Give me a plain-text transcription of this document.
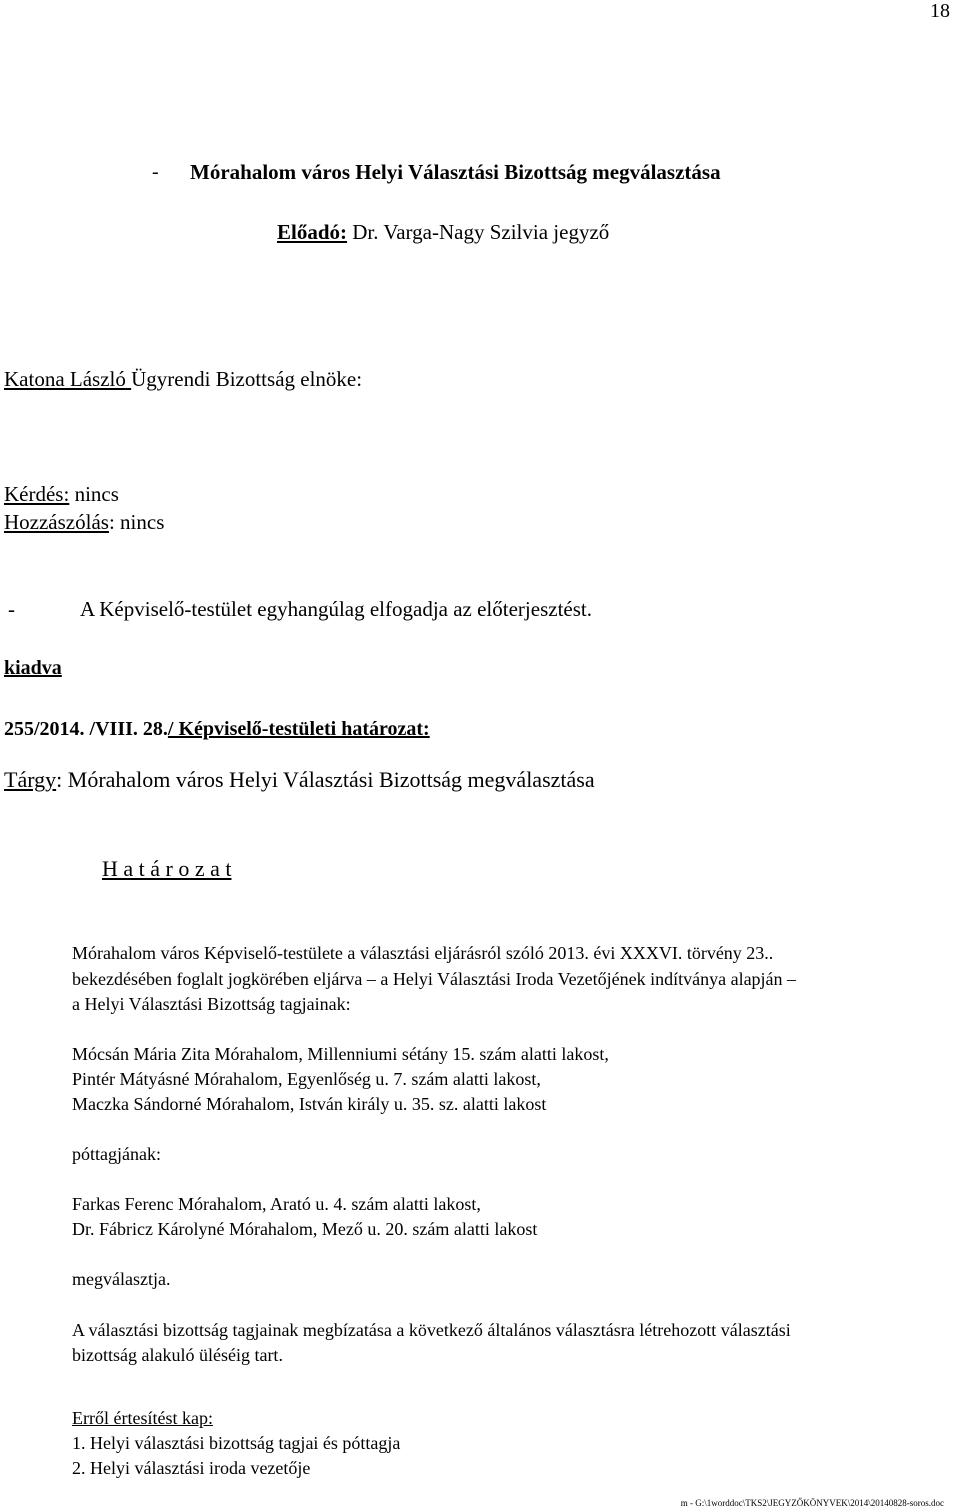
18
- Mórahalom város Helyi Választási Bizottság megválasztása
Előadó: Dr. Varga-Nagy Szilvia jegyző
Katona László Ügyrendi Bizottság elnöke:
Kérdés: nincs
Hozzászólás: nincs
-	A Képviselő-testület egyhangúlag elfogadja az előterjesztést.
kiadva
255/2014. /VIII. 28./ Képviselő-testületi határozat:
Tárgy: Mórahalom város Helyi Választási Bizottság megválasztása
H a t á r o z a t
Mórahalom város Képviselő-testülete a választási eljárásról szóló 2013. évi XXXVI. törvény 23..
bekezdésében foglalt jogkörében eljárva – a Helyi Választási Iroda Vezetőjének indítványa alapján –
a Helyi Választási Bizottság tagjainak:
Mócsán Mária Zita Mórahalom, Millenniumi sétány 15. szám alatti lakost,
Pintér Mátyásné Mórahalom, Egyenlőség u. 7. szám alatti lakost,
Maczka Sándorné Mórahalom, István király u. 35. sz. alatti lakost
póttagjának:
Farkas Ferenc Mórahalom, Arató u. 4. szám alatti lakost,
Dr. Fábricz Károlyné Mórahalom, Mező u. 20. szám alatti lakost
megválasztja.
A választási bizottság tagjainak megbízatása a következő általános választásra létrehozott választási
bizottság alakuló üléséig tart.
Erről értesítést kap:
1. Helyi választási bizottság tagjai és póttagja
2. Helyi választási iroda vezetője
m - G:\1worddoc\TKS2\JEGYZŐKÖNYVEK\2014\20140828-soros.doc
